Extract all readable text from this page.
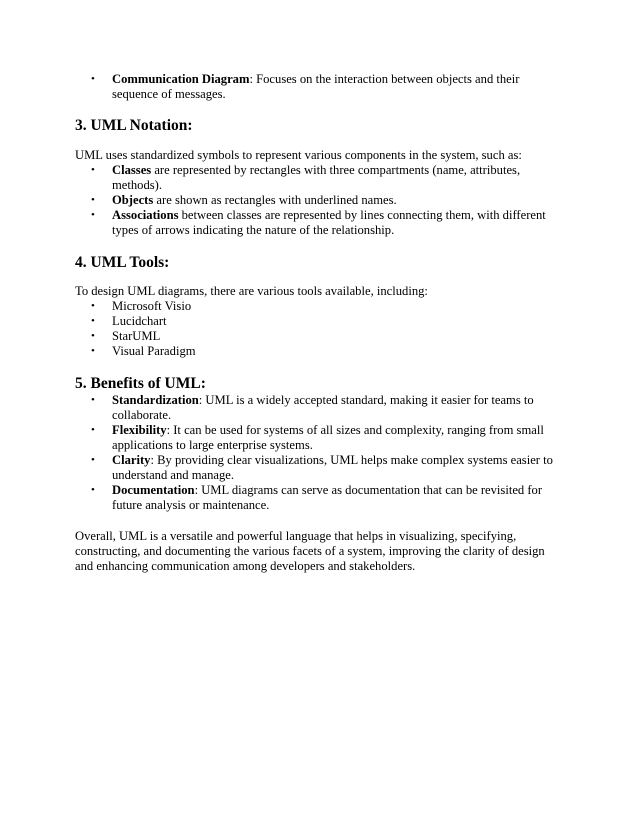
• Communication Diagram: Focuses on the interaction between objects and their sequence of messages.
3. UML Notation:

UML uses standardized symbols to represent various components in the system, such as:

• Classes are represented by rectangles with three compartments (name, attributes, methods).
• Objects are shown as rectangles with underlined names.
• Associations between classes are represented by lines connecting them, with different types of arrows indicating the nature of the relationship.
4. UML Tools:

To design UML diagrams, there are various tools available, including:

• Microsoft Visio
• Lucidchart
• StarUML
• Visual Paradigm
5. Benefits of UML:
• Standardization: UML is a widely accepted standard, making it easier for teams to collaborate.
• Flexibility: It can be used for systems of all sizes and complexity, ranging from small applications to large enterprise systems.
• Clarity: By providing clear visualizations, UML helps make complex systems easier to understand and manage.
• Documentation: UML diagrams can serve as documentation that can be revisited for future analysis or maintenance.

Overall, UML is a versatile and powerful language that helps in visualizing, specifying, constructing, and documenting the various facets of a system, improving the clarity of design and enhancing communication among developers and stakeholders.
